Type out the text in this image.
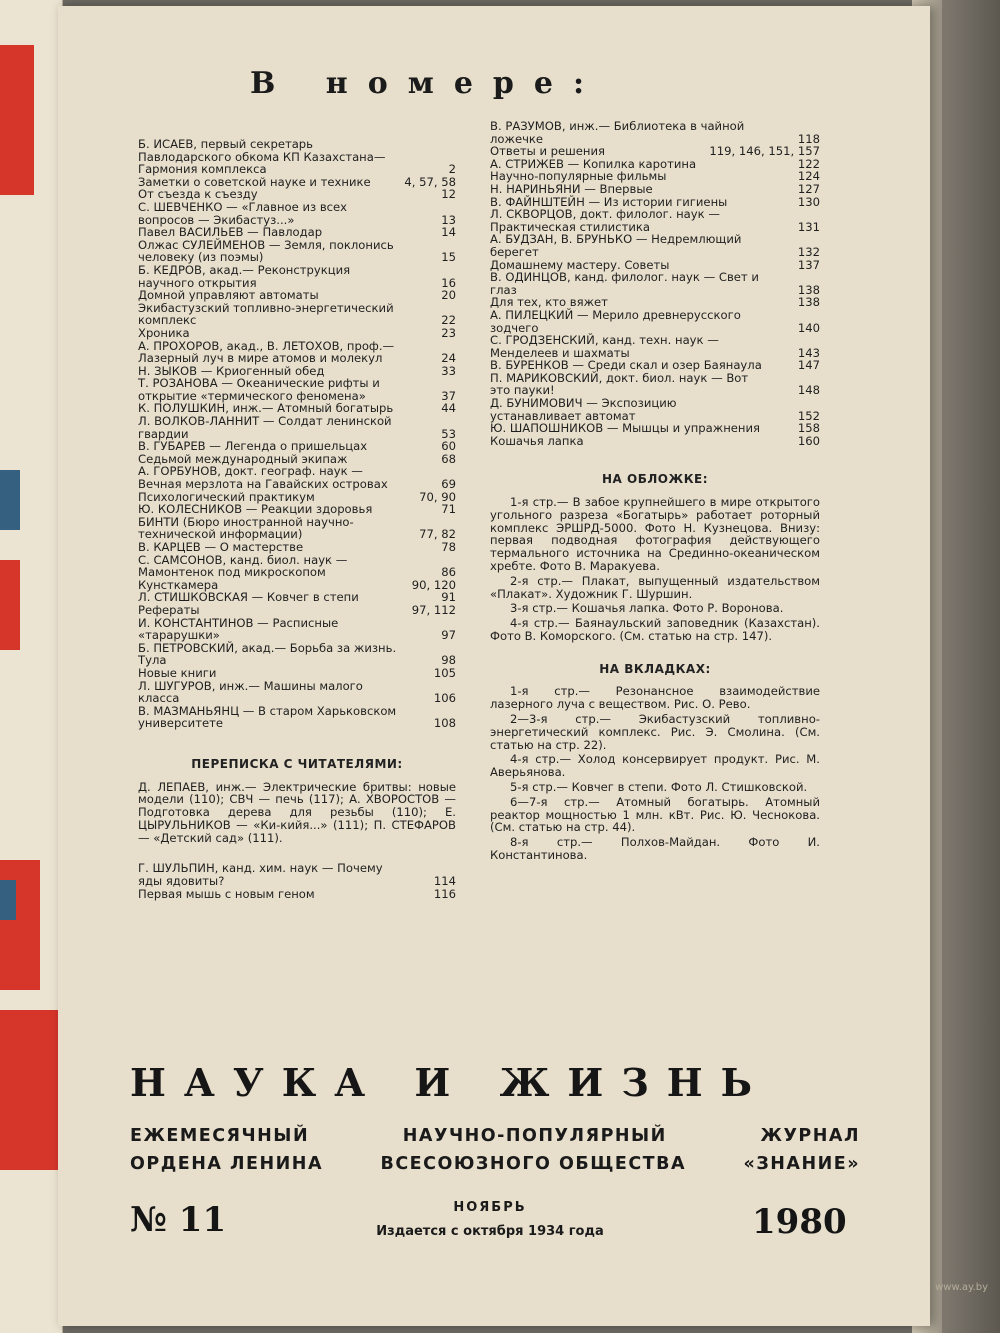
В номере:
Б. ИСАЕВ, первый секретарь Павлодарского обкома КП Казахстана— Гармония комплекса	2
Заметки о советской науке и технике	4, 57, 58
От съезда к съезду	12
С. ШЕВЧЕНКО — «Главное из всех вопросов — Экибастуз...»	13
Павел ВАСИЛЬЕВ — Павлодар	14
Олжас СУЛЕЙМЕНОВ — Земля, поклонись человеку (из поэмы)	15
Б. КЕДРОВ, акад.— Реконструкция научного открытия	16
Домной управляют автоматы	20
Экибастузский топливно-энергетический комплекс	22
Хроника	23
А. ПРОХОРОВ, акад., В. ЛЕТОХОВ, проф.— Лазерный луч в мире атомов и молекул	24
Н. ЗЫКОВ — Криогенный обед	33
Т. РОЗАНОВА — Океанические рифты и открытие «термического феномена»	37
К. ПОЛУШКИН, инж.— Атомный богатырь	44
Л. ВОЛКОВ-ЛАННИТ — Солдат ленинской гвардии	53
В. ГУБАРЕВ — Легенда о пришельцах	60
Седьмой международный экипаж	68
А. ГОРБУНОВ, докт. географ. наук — Вечная мерзлота на Гавайских островах	69
Психологический практикум	70, 90
Ю. КОЛЕСНИКОВ — Реакции здоровья	71
БИНТИ (Бюро иностранной научно-технической информации)	77, 82
В. КАРЦЕВ — О мастерстве	78
С. САМСОНОВ, канд. биол. наук — Мамонтенок под микроскопом	86
Кунсткамера	90, 120
Л. СТИШКОВСКАЯ — Ковчег в степи	91
Рефераты	97, 112
И. КОНСТАНТИНОВ — Расписные «тарарушки»	97
Б. ПЕТРОВСКИЙ, акад.— Борьба за жизнь. Тула	98
Новые книги	105
Л. ШУГУРОВ, инж.— Машины малого класса	106
В. МАЗМАНЬЯНЦ — В старом Харьковском университете	108
ПЕРЕПИСКА С ЧИТАТЕЛЯМИ:

Д. ЛЕПАЕВ, инж.— Электрические бритвы: новые модели (110); СВЧ — печь (117); А. ХВОРОСТОВ — Подготовка дерева для резьбы (110); Е. ЦЫРУЛЬНИКОВ — «Ки-кийя...» (111); П. СТЕФАРОВ— «Детский сад» (111).

Г. ШУЛЬПИН, канд. хим. наук — Почему яды ядовиты?	114
Первая мышь с новым геном	116
В. РАЗУМОВ, инж.— Библиотека в чайной ложечке	118
Ответы и решения	119, 146, 151, 157
А. СТРИЖЕВ — Копилка каротина	122
Научно-популярные фильмы	124
Н. НАРИНЬЯНИ — Впервые	127
В. ФАЙНШТЕЙН — Из истории гигиены	130
Л. СКВОРЦОВ, докт. филолог. наук — Практическая стилистика	131
А. БУДЗАН, В. БРУНЬКО — Недремлющий берегет	132
Домашнему мастеру. Советы	137
В. ОДИНЦОВ, канд. филолог. наук — Свет и глаз	138
Для тех, кто вяжет	138
А. ПИЛЕЦКИЙ — Мерило древнерусского зодчего	140
С. ГРОДЗЕНСКИЙ, канд. техн. наук — Менделеев и шахматы	143
В. БУРЕНКОВ — Среди скал и озер Баянаула	147
П. МАРИКОВСКИЙ, докт. биол. наук — Вот это пауки!	148
Д. БУНИМОВИЧ — Экспозицию устанавливает автомат	152
Ю. ШАПОШНИКОВ — Мышцы и упражнения	158
Кошачья лапка	160
НА ОБЛОЖКЕ:

1-я стр.— В забое крупнейшего в мире открытого угольного разреза «Богатырь» работает роторный комплекс ЭРШРД-5000. Фото Н. Кузнецова. Внизу: первая подводная фотография действующего термального источника на Срединно-океаническом хребте. Фото В. Маракуева.

2-я стр.— Плакат, выпущенный издательством «Плакат». Художник Г. Шуршин.

3-я стр.— Кошачья лапка. Фото Р. Воронова.

4-я стр.— Баянаульский заповедник (Казахстан). Фото В. Коморского. (См. статью на стр. 147).

НА ВКЛАДКАХ:

1-я стр.— Резонансное взаимодействие лазерного луча с веществом. Рис. О. Рево.

2—3-я стр.— Экибастузский топливно-энергетический комплекс. Рис. Э. Смолина. (См. статью на стр. 22).

4-я стр.— Холод консервирует продукт. Рис. М. Аверьянова.

5-я стр.— Ковчег в степи. Фото Л. Стишковской.

6—7-я стр.— Атомный богатырь. Атомный реактор мощностью 1 млн. кВт. Рис. Ю. Чеснокова. (См. статью на стр. 44).

8-я стр.— Полхов-Майдан. Фото И. Константинова.

НАУКА И ЖИЗНЬ
ЕЖЕМЕСЯЧНЫЙ	НАУЧНО-ПОПУЛЯРНЫЙ	ЖУРНАЛ
ОРДЕНА ЛЕНИНА	ВСЕСОЮЗНОГО ОБЩЕСТВА	«ЗНАНИЕ»
№ 11	НОЯБРЬ
Издается с октября 1934 года	1980
www.ay.by
